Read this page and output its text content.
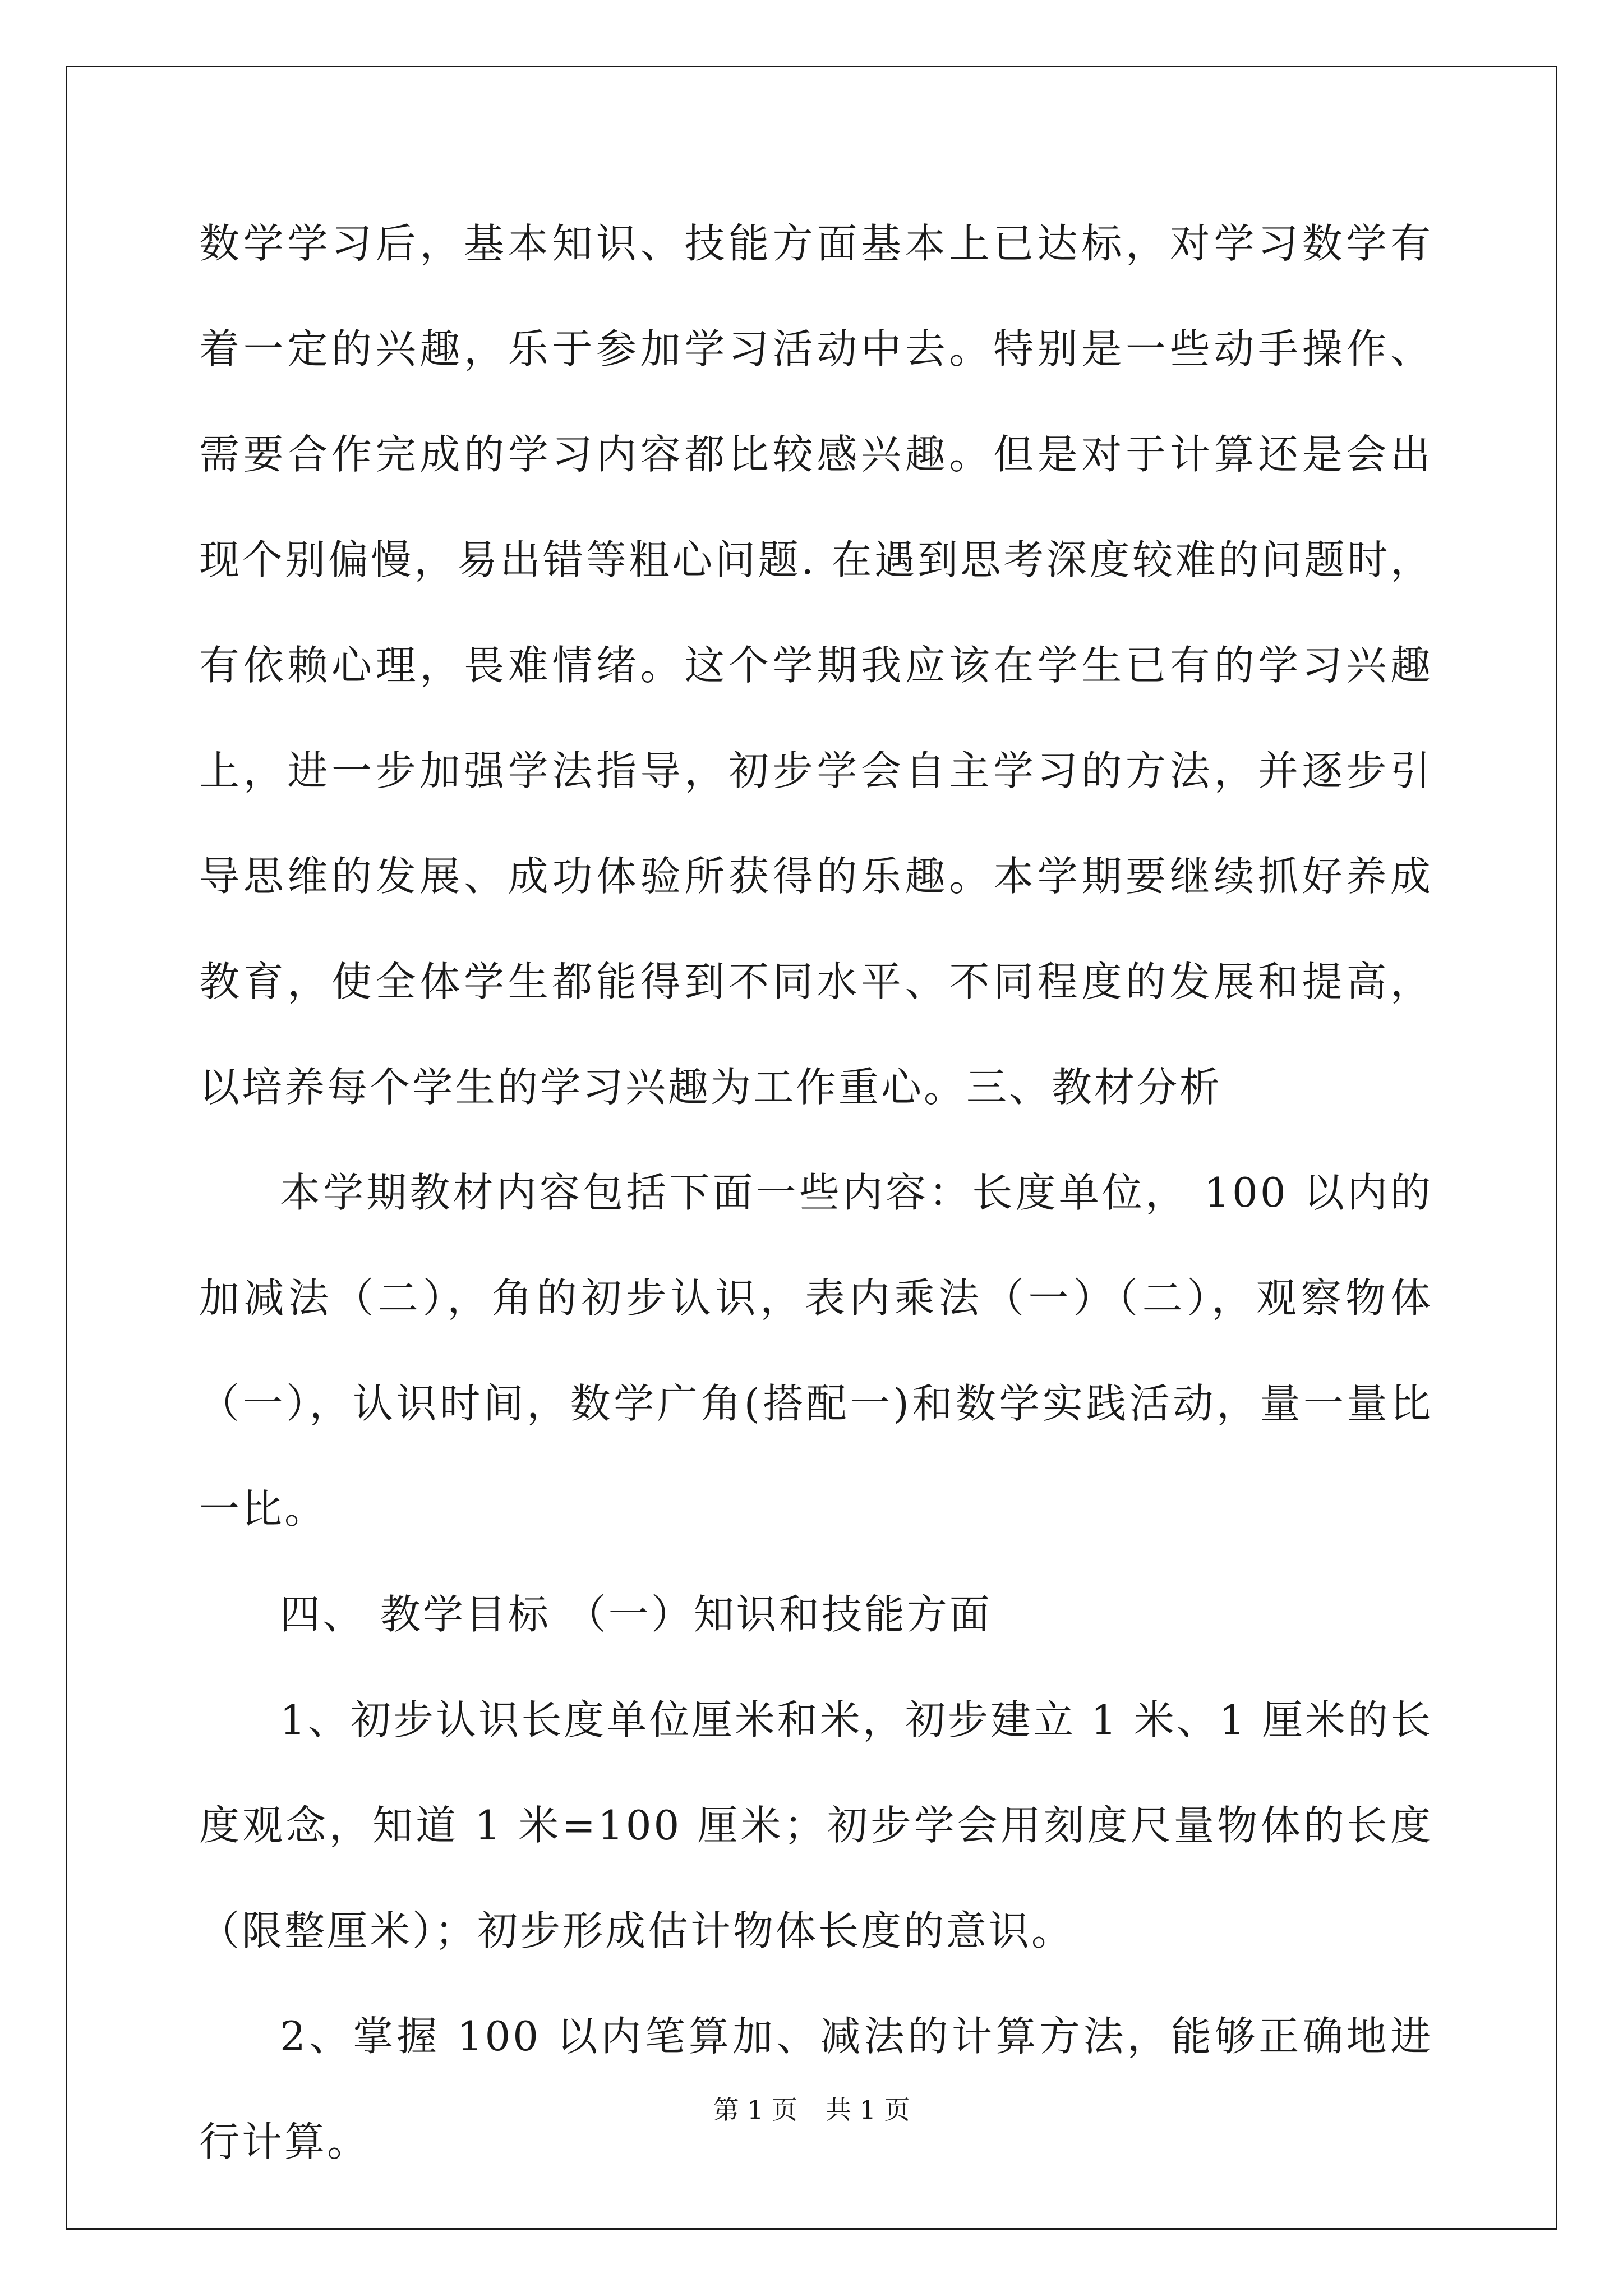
数学学习后，基本知识、技能方面基本上已达标，对学习数学有着一定的兴趣，乐于参加学习活动中去。特别是一些动手操作、需要合作完成的学习内容都比较感兴趣。但是对于计算还是会出现个别偏慢，易出错等粗心问题. 在遇到思考深度较难的问题时，有依赖心理，畏难情绪。这个学期我应该在学生已有的学习兴趣上，进一步加强学法指导，初步学会自主学习的方法，并逐步引导思维的发展、成功体验所获得的乐趣。本学期要继续抓好养成教育，使全体学生都能得到不同水平、不同程度的发展和提高，以培养每个学生的学习兴趣为工作重心。三、教材分析

本学期教材内容包括下面一些内容：长度单位， 100 以内的加减法（二），角的初步认识，表内乘法（一）（二），观察物体（一），认识时间，数学广角(搭配一)和数学实践活动，量一量比一比。

四、 教学目标 （一）知识和技能方面

1、初步认识长度单位厘米和米，初步建立 1 米、1 厘米的长度观念，知道 1 米=100 厘米；初步学会用刻度尺量物体的长度（限整厘米）；初步形成估计物体长度的意识。

2、掌握 100 以内笔算加、减法的计算方法，能够正确地进行计算。

第 1 页 共 1 页
